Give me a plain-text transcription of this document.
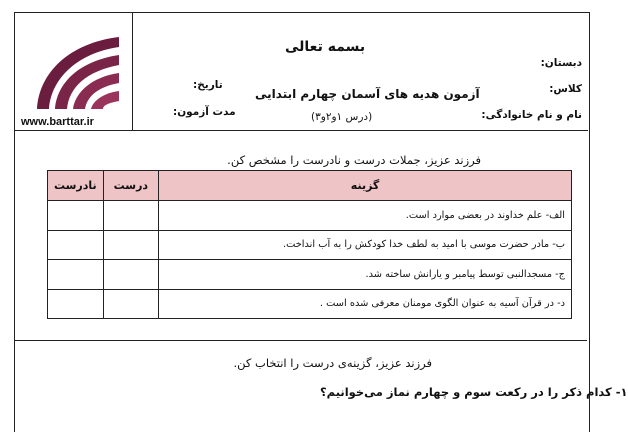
www.barttar.ir
بسمه تعالی
آزمون هدیه های آسمان چهارم ابتدایی
(درس ۱و۲و۳)
دبستان:
کلاس:
نام و نام خانوادگی:
تاریخ:
مدت آزمون:
فرزند عزیز، جملات درست و نادرست را مشخص کن.
گزینه	درست	نادرست
الف- علم خداوند در بعضی موارد است.		
ب- مادر حضرت موسی با امید به لطف خدا کودکش را به آب انداخت.		
ج- مسجدالنبی توسط پیامبر و یارانش ساخته شد.		
د- در قرآن آسیه به عنوان الگوی مومنان معرفی شده است .		
فرزند عزیز، گزینه‌ی درست را انتخاب کن.
۱- کدام ذکر را در رکعت سوم و چهارم نماز می‌خوانیم؟
